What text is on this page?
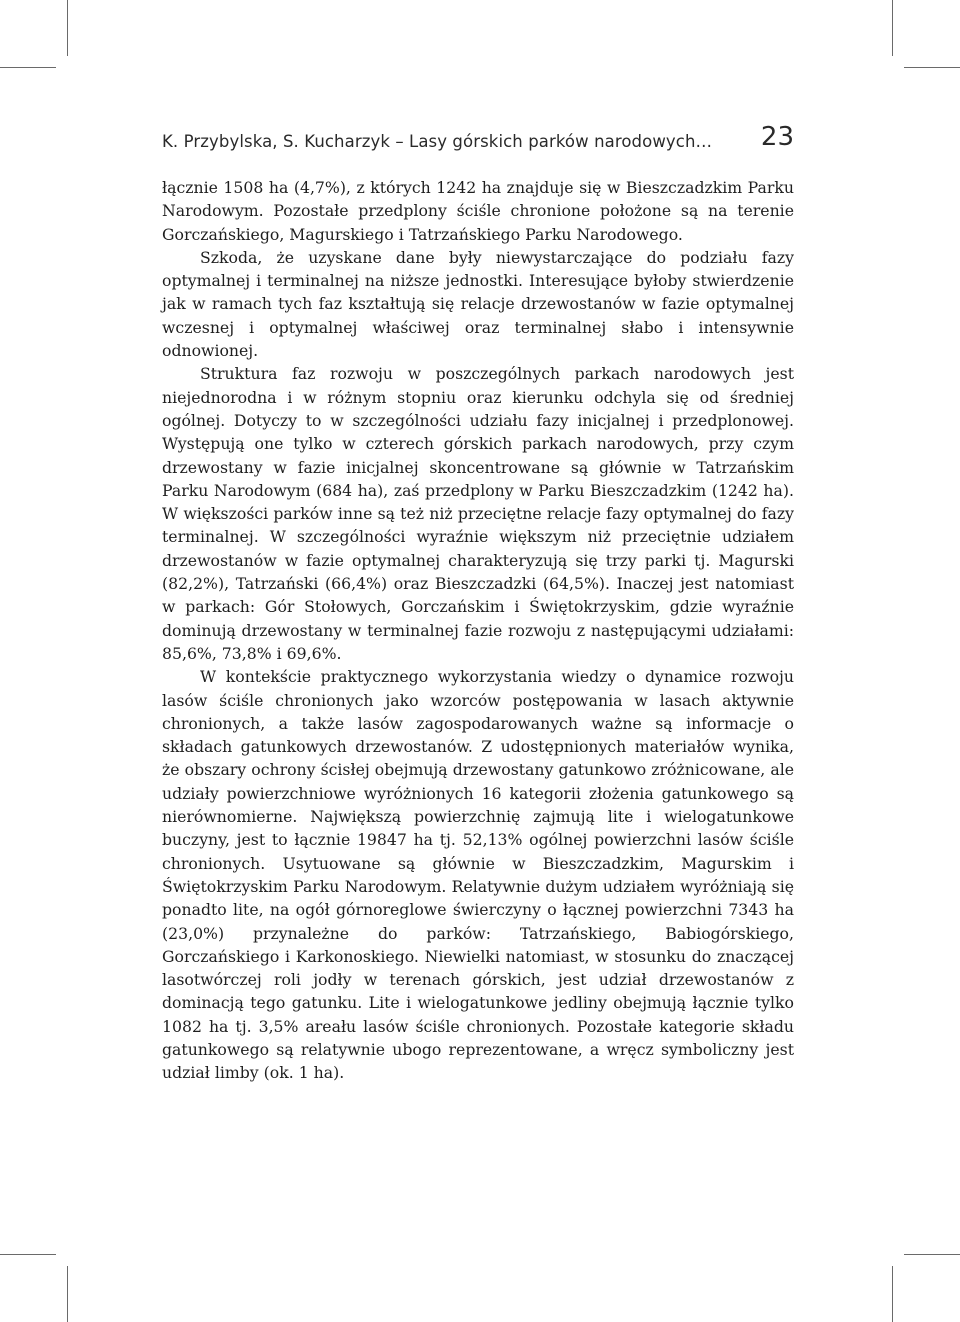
K. Przybylska, S. Kucharzyk – Lasy górskich parków narodowych… 23

łącznie 1508 ha (4,7%), z których 1242 ha znajduje się w Bieszczadzkim Parku Narodowym. Pozostałe przedplony ściśle chronione położone są na terenie Gorczańskiego, Magurskiego i Tatrzańskiego Parku Narodowego.

Szkoda, że uzyskane dane były niewystarczające do podziału fazy optymalnej i terminalnej na niższe jednostki. Interesujące byłoby stwierdzenie jak w ramach tych faz kształtują się relacje drzewostanów w fazie optymalnej wczesnej i optymalnej właściwej oraz terminalnej słabo i intensywnie odnowionej.

Struktura faz rozwoju w poszczególnych parkach narodowych jest niejednorodna i w różnym stopniu oraz kierunku odchyla się od średniej ogólnej. Dotyczy to w szczególności udziału fazy inicjalnej i przedplonowej. Występują one tylko w czterech górskich parkach narodowych, przy czym drzewostany w fazie inicjalnej skoncentrowane są głównie w Tatrzańskim Parku Narodowym (684 ha), zaś przedplony w Parku Bieszczadzkim (1242 ha). W większości parków inne są też niż przeciętne relacje fazy optymalnej do fazy terminalnej. W szczególności wyraźnie większym niż przeciętnie udziałem drzewostanów w fazie optymalnej charakteryzują się trzy parki tj. Magurski (82,2%), Tatrzański (66,4%) oraz Bieszczadzki (64,5%). Inaczej jest natomiast w parkach: Gór Stołowych, Gorczańskim i Świętokrzyskim, gdzie wyraźnie dominują drzewostany w terminalnej fazie rozwoju z następującymi udziałami: 85,6%, 73,8% i 69,6%.

W kontekście praktycznego wykorzystania wiedzy o dynamice rozwoju lasów ściśle chronionych jako wzorców postępowania w lasach aktywnie chronionych, a także lasów zagospodarowanych ważne są informacje o składach gatunkowych drzewostanów. Z udostępnionych materiałów wynika, że obszary ochrony ścisłej obejmują drzewostany gatunkowo zróżnicowane, ale udziały powierzchniowe wyróżnionych 16 kategorii złożenia gatunkowego są nierównomierne. Największą powierzchnię zajmują lite i wielogatunkowe buczyny, jest to łącznie 19847 ha tj. 52,13% ogólnej powierzchni lasów ściśle chronionych. Usytuowane są głównie w Bieszczadzkim, Magurskim i Świętokrzyskim Parku Narodowym. Relatywnie dużym udziałem wyróżniają się ponadto lite, na ogół górnoreglowe świerczyny o łącznej powierzchni 7343 ha (23,0%) przynależne do parków: Tatrzańskiego, Babiogórskiego, Gorczańskiego i Karkonoskiego. Niewielki natomiast, w stosunku do znaczącej lasotwórczej roli jodły w terenach górskich, jest udział drzewostanów z dominacją tego gatunku. Lite i wielogatunkowe jedliny obejmują łącznie tylko 1082 ha tj. 3,5% areału lasów ściśle chronionych. Pozostałe kategorie składu gatunkowego są relatywnie ubogo reprezentowane, a wręcz symboliczny jest udział limby (ok. 1 ha).
